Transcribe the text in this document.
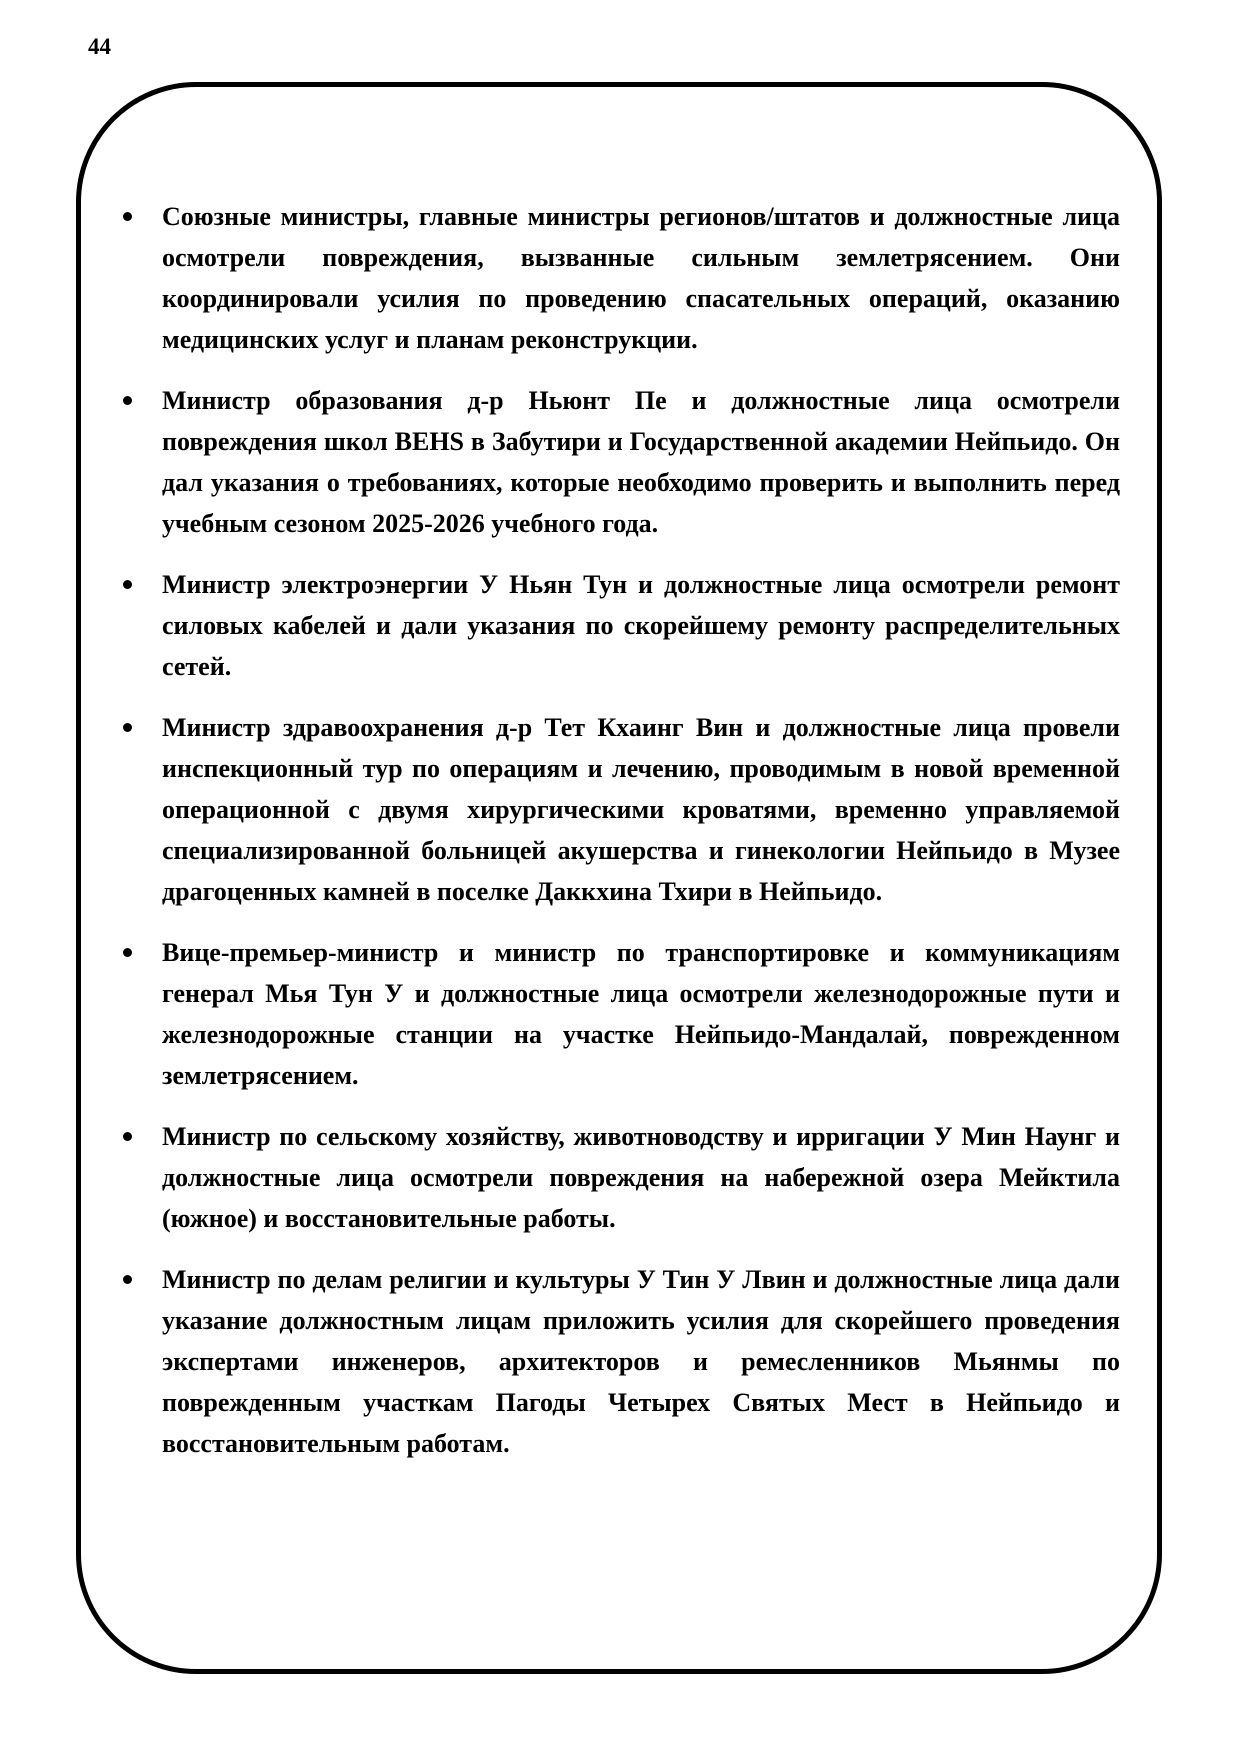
44

Союзные министры, главные министры регионов/штатов и должностные лица осмотрели повреждения, вызванные сильным землетрясением. Они координировали усилия по проведению спасательных операций, оказанию медицинских услуг и планам реконструкции.
Министр образования д-р Ньюнт Пе и должностные лица осмотрели повреждения школ BEHS в Забутири и Государственной академии Нейпьидо. Он дал указания о требованиях, которые необходимо проверить и выполнить перед учебным сезоном 2025-2026 учебного года.
Министр электроэнергии У Ньян Тун и должностные лица осмотрели ремонт силовых кабелей и дали указания по скорейшему ремонту распределительных сетей.
Министр здравоохранения д-р Тет Кхаинг Вин и должностные лица провели инспекционный тур по операциям и лечению, проводимым в новой временной операционной с двумя хирургическими кроватями, временно управляемой специализированной больницей акушерства и гинекологии Нейпьидо в Музее драгоценных камней в поселке Даккхина Тхири в Нейпьидо.
Вице-премьер-министр и министр по транспортировке и коммуникациям генерал Мья Тун У и должностные лица осмотрели железнодорожные пути и железнодорожные станции на участке Нейпьидо-Мандалай, поврежденном землетрясением.
Министр по сельскому хозяйству, животноводству и ирригации У Мин Наунг и должностные лица осмотрели повреждения на набережной озера Мейктила (южное) и восстановительные работы.
Министр по делам религии и культуры У Тин У Лвин и должностные лица дали указание должностным лицам приложить усилия для скорейшего проведения экспертами инженеров, архитекторов и ремесленников Мьянмы по поврежденным участкам Пагоды Четырех Святых Мест в Нейпьидо и восстановительным работам.
